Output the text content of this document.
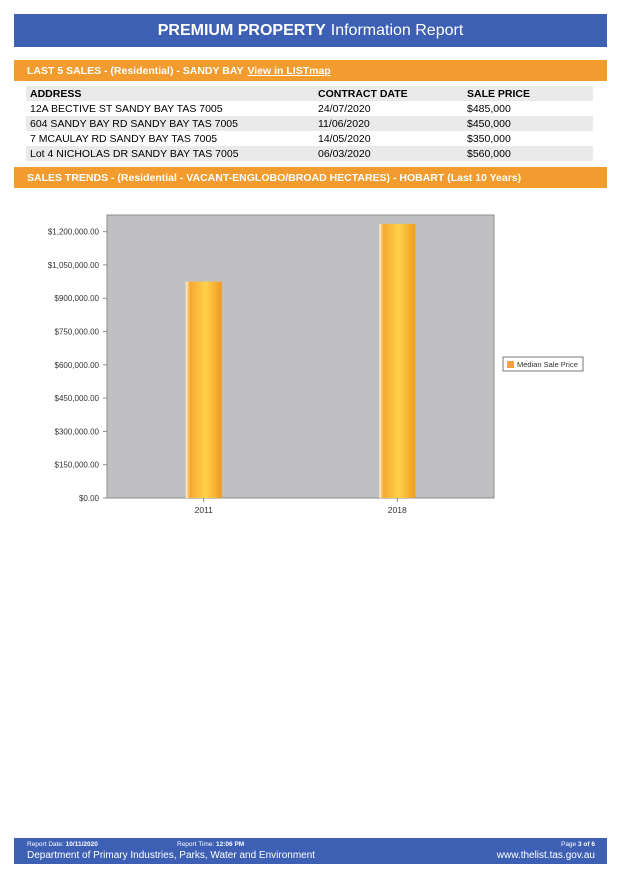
PREMIUM PROPERTY Information Report
LAST 5 SALES - (Residential) - SANDY BAY View in LISTmap
ADDRESS	CONTRACT DATE	SALE PRICE
12A BECTIVE ST SANDY BAY TAS 7005	24/07/2020	$485,000
604 SANDY BAY RD SANDY BAY TAS 7005	11/06/2020	$450,000
7 MCAULAY RD SANDY BAY TAS 7005	14/05/2020	$350,000
Lot 4 NICHOLAS DR SANDY BAY TAS 7005	06/03/2020	$560,000
SALES TRENDS - (Residential - VACANT-ENGLOBO/BROAD HECTARES) - HOBART (Last 10 Years)
$0.00
$150,000.00
$300,000.00
$450,000.00
$600,000.00
$750,000.00
$900,000.00
$1,050,000.00
$1,200,000.00
2011	2018
Median Sale Price
Report Date: 10/11/2020	Report Time: 12:06 PM	Page 3 of 6
Department of Primary Industries, Parks, Water and Environment	www.thelist.tas.gov.au
